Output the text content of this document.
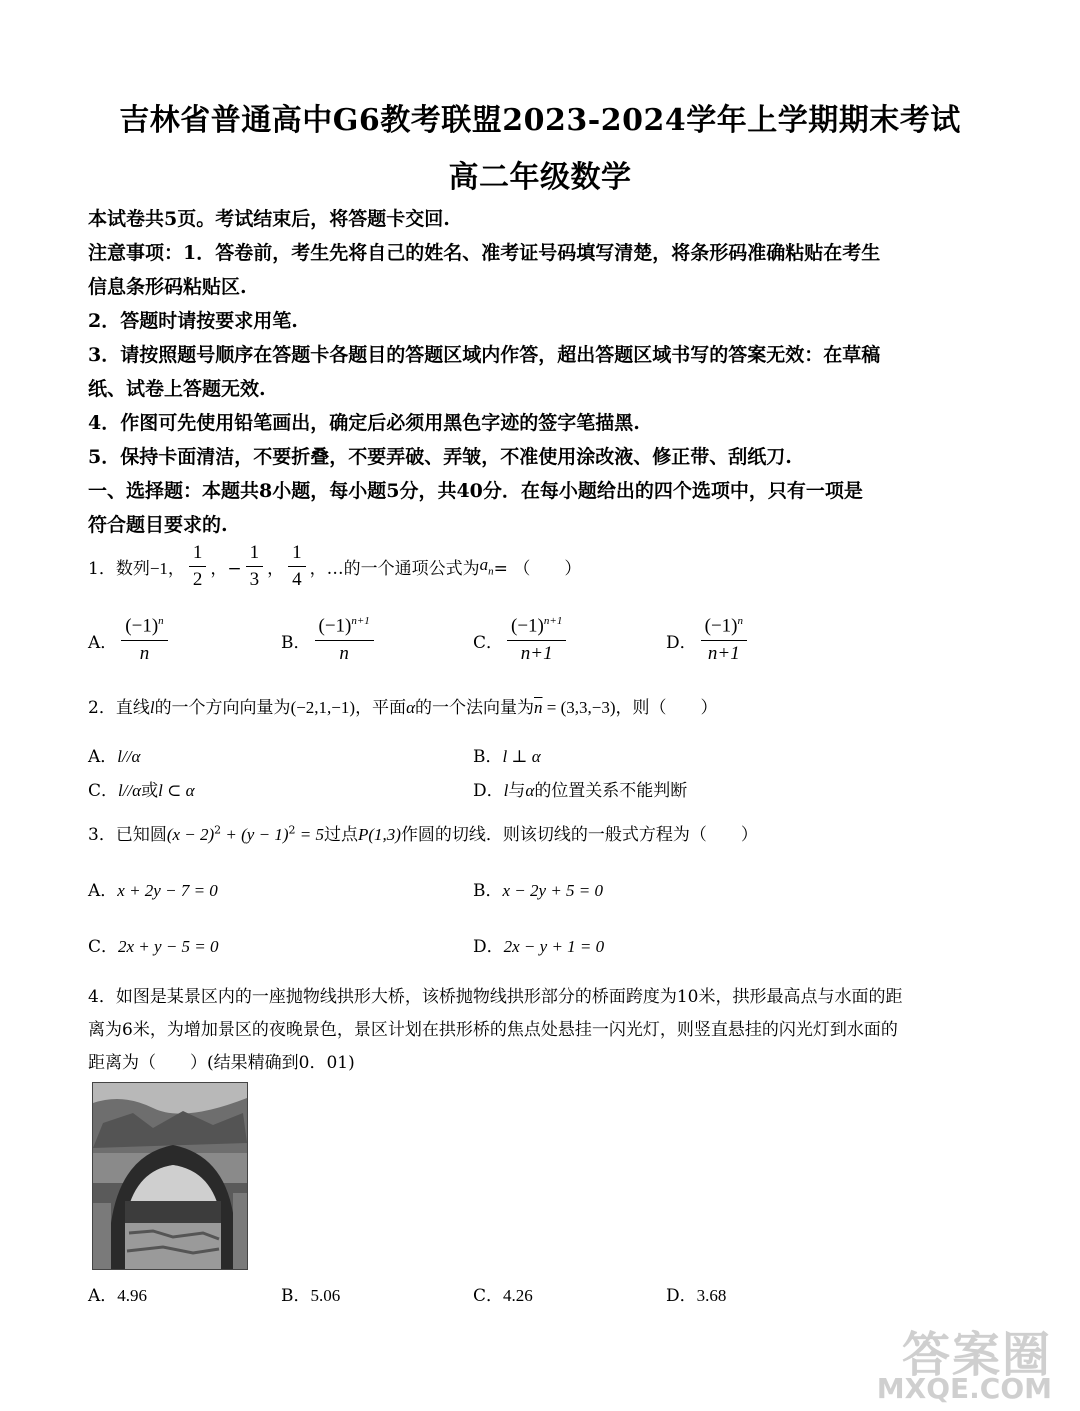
吉林省普通高中G6教考联盟2023-2024学年上学期期末考试
高二年级数学
本试卷共5页。考试结束后，将答题卡交回.
注意事项：1．答卷前，考生先将自己的姓名、准考证号码填写清楚，将条形码准确粘贴在考生
信息条形码粘贴区.
2．答题时请按要求用笔.
3．请按照题号顺序在答题卡各题目的答题区域内作答，超出答题区域书写的答案无效：在草稿
纸、试卷上答题无效.
4．作图可先使用铅笔画出，确定后必须用黑色字迹的签字笔描黑.
5．保持卡面清洁，不要折叠，不要弄破、弄皱，不准使用涂改液、修正带、刮纸刀.
一、选择题：本题共8小题，每小题5分，共40分．在每小题给出的四个选项中，只有一项是
符合题目要求的.
1．数列 −1， $\frac{1}{2}$ ，− $\frac{1}{3}$ ， $\frac{1}{4}$ ，…的一个通项公式为 $a_n$ = （　　）
A． $\frac{(-1)^n}{n}$	B． $\frac{(-1)^{n+1}}{n}$	C． $\frac{(-1)^{n+1}}{n+1}$	D． $\frac{(-1)^n}{n+1}$
2．直线l的一个方向向量为(−2,1,−1)，平面α的一个法向量为$\overline{n} = (3,3,-3)$，则（　　）
A．l//α	B．l ⊥ α
C．l//α或l ⊂ α	D．l与α的位置关系不能判断
3．已知圆$(x - 2)^2 + (y - 1)^2 = 5$过点P(1,3)作圆的切线．则该切线的一般式方程为（　　）
A．x + 2y − 7 = 0	B．x − 2y + 5 = 0
C．2x + y − 5 = 0	D．2x − y + 1 = 0
4．如图是某景区内的一座抛物线拱形大桥，该桥抛物线拱形部分的桥面跨度为10米，拱形最高点与水面的距
离为6米，为增加景区的夜晚景色，景区计划在拱形桥的焦点处悬挂一闪光灯，则竖直悬挂的闪光灯到水面的
距离为（　　）(结果精确到0．01)
A．4.96	B．5.06	C．4.26	D．3.68
答案圈
MXQE.COM
